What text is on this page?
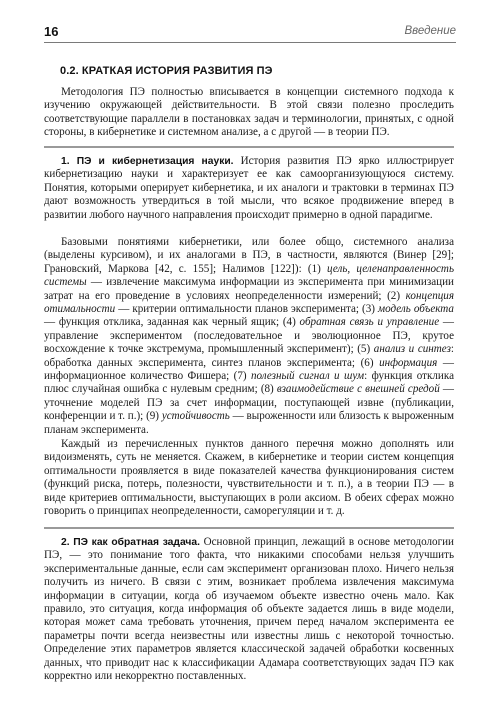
16	Введение
0.2. КРАТКАЯ ИСТОРИЯ РАЗВИТИЯ ПЭ

Методология ПЭ полностью вписывается в концепции системного подхода к изучению окружающей действительности. В этой связи полезно проследить соответствующие параллели в постановках задач и терминологии, принятых, с одной стороны, в кибернетике и системном анализе, а с другой — в теории ПЭ.

1. ПЭ и кибернетизация науки. История развития ПЭ ярко иллюстрирует кибернетизацию науки и характеризует ее как самоорганизующуюся систему. Понятия, которыми оперирует кибернетика, и их аналоги и трактовки в терминах ПЭ дают возможность утвердиться в той мысли, что всякое продвижение вперед в развитии любого научного направления происходит примерно в одной парадигме.

Базовыми понятиями кибернетики, или более общо, системного анализа (выделены курсивом), и их аналогами в ПЭ, в частности, являются (Винер [29]; Грановский, Маркова [42, с. 155]; Налимов [122]): (1) цель, целенаправленность системы — извлечение максимума информации из эксперимента при минимизации затрат на его проведение в условиях неопределенности измерений; (2) концепция отимальности — критерии оптимальности планов эксперимента; (3) модель объекта — функция отклика, заданная как черный ящик; (4) обратная связь и управление — управление экспериментом (последовательное и эволюционное ПЭ, крутое восхождение к точке экстремума, промышленный эксперимент); (5) анализ и синтез: обработка данных эксперимента, синтез планов эксперимента; (6) информация — информационное количество Фишера; (7) полезный сигнал и шум: функция отклика плюс случайная ошибка с нулевым средним; (8) взаимодействие с внешней средой — уточнение моделей ПЭ за счет информации, поступающей извне (публикации, конференции и т. п.); (9) устойчивость — выроженности или близость к выроженным планам эксперимента.

Каждый из перечисленных пунктов данного перечня можно дополнять или видоизменять, суть не меняется. Скажем, в кибернетике и теории систем концепция оптимальности проявляется в виде показателей качества функционирования систем (функций риска, потерь, полезности, чувствительности и т. п.), а в теории ПЭ — в виде критериев оптимальности, выступающих в роли аксиом. В обеих сферах можно говорить о принципах неопределенности, саморегуляции и т. д.

2. ПЭ как обратная задача. Основной принцип, лежащий в основе методологии ПЭ, — это понимание того факта, что никакими способами нельзя улучшить экспериментальные данные, если сам эксперимент организован плохо. Ничего нельзя получить из ничего. В связи с этим, возникает проблема извлечения максимума информации в ситуации, когда об изучаемом объекте известно очень мало. Как правило, это ситуация, когда информация об объекте задается лишь в виде модели, которая может сама требовать уточнения, причем перед началом эксперимента ее параметры почти всегда неизвестны или известны лишь с некоторой точностью. Определение этих параметров является классической задачей обработки косвенных данных, что приводит нас к классификации Адамара соответствующих задач ПЭ как корректно или некорректно поставленных.
